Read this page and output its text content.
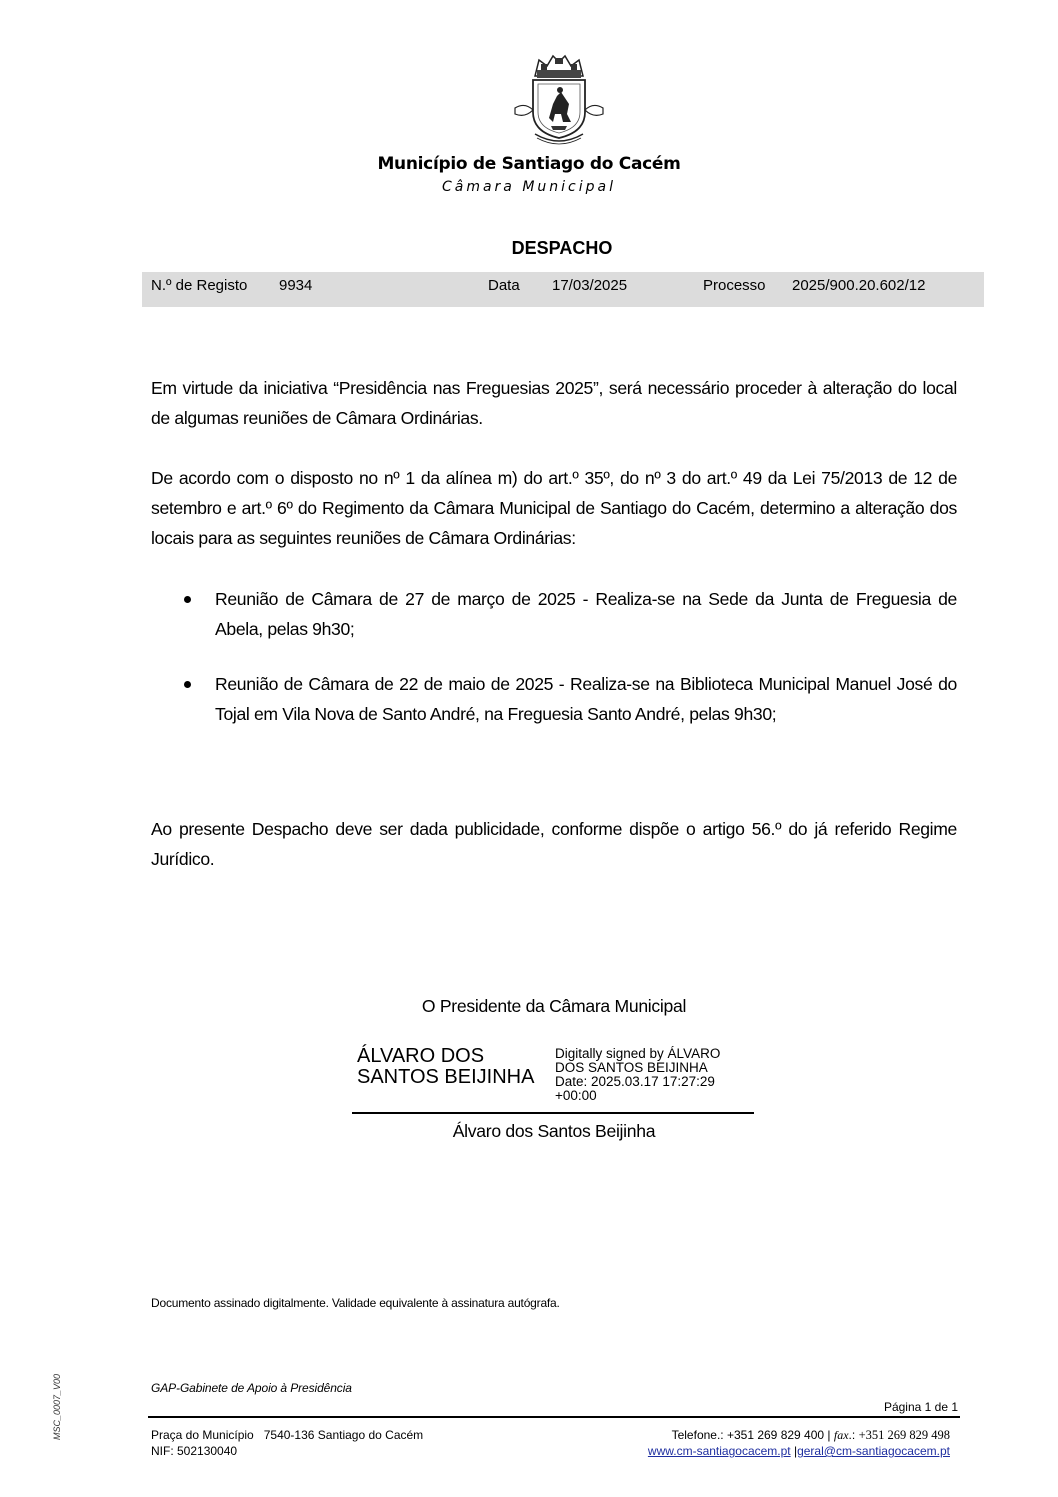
Município de Santiago do Cacém
Câmara Municipal
DESPACHO
N.º de Registo 9934	Data 17/03/2025	Processo 2025/900.20.602/12

Em virtude da iniciativa “Presidência nas Freguesias 2025”, será necessário proceder à alteração do local de algumas reuniões de Câmara Ordinárias.

De acordo com o disposto no nº 1 da alínea m) do art.º 35º, do nº 3 do art.º 49 da Lei 75/2013 de 12 de setembro e art.º 6º do Regimento da Câmara Municipal de Santiago do Cacém, determino a alteração dos locais para as seguintes reuniões de Câmara Ordinárias:

Reunião de Câmara de 27 de março de 2025 - Realiza-se na Sede da Junta de Freguesia de Abela, pelas 9h30;
Reunião de Câmara de 22 de maio de 2025 - Realiza-se na Biblioteca Municipal Manuel José do Tojal em Vila Nova de Santo André, na Freguesia Santo André, pelas 9h30;

Ao presente Despacho deve ser dada publicidade, conforme dispõe o artigo 56.º do já referido Regime Jurídico.

O Presidente da Câmara Municipal
ÁLVARO DOS
SANTOS BEIJINHA
Digitally signed by ÁLVARO
DOS SANTOS BEIJINHA
Date: 2025.03.17 17:27:29
+00:00
Álvaro dos Santos Beijinha
Documento assinado digitalmente. Validade equivalente à assinatura autógrafa.
MSC_0007_V00	GAP-Gabinete de Apoio à Presidência
Página 1 de 1
Praça do Município   7540-136 Santiago do Cacém
NIF: 502130040
Telefone.: +351 269 829 400 | fax.: +351 269 829 498
www.cm-santiagocacem.pt |geral@cm-santiagocacem.pt
